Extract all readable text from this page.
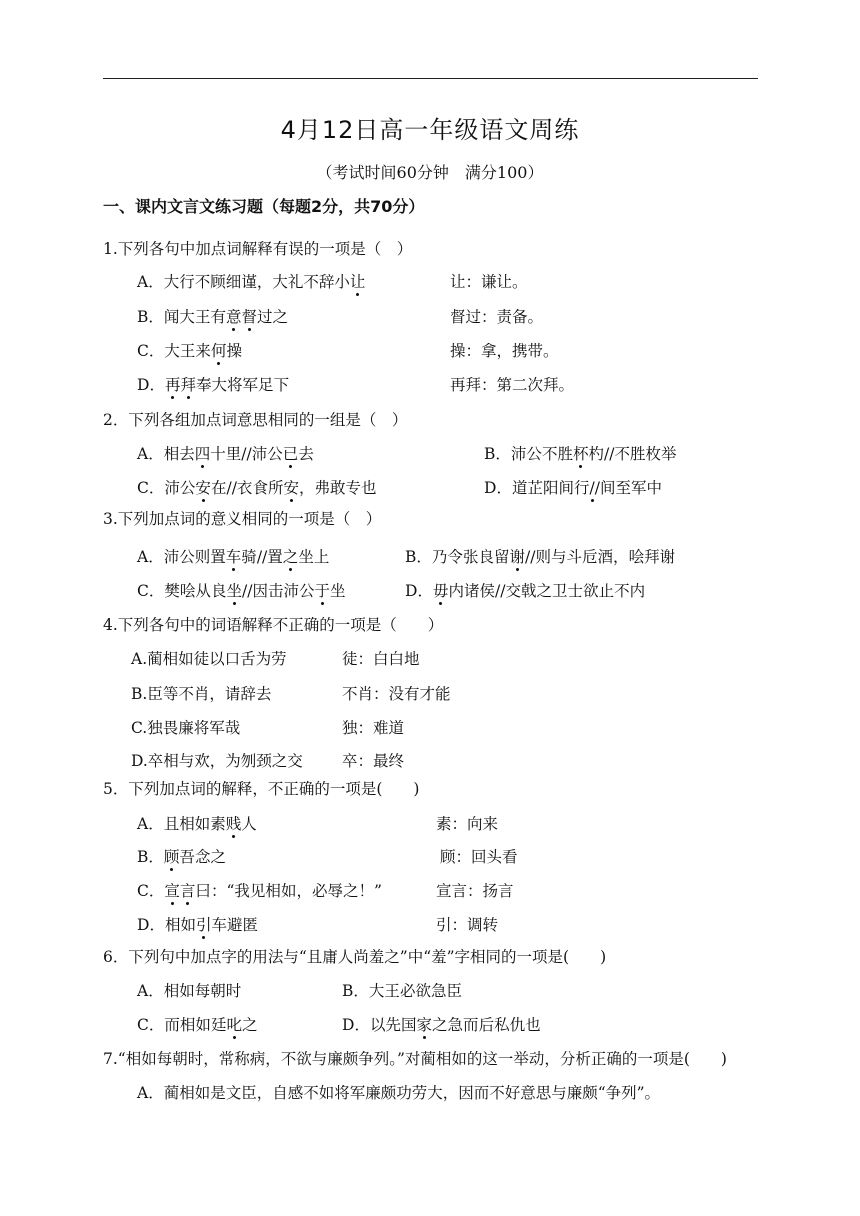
4月12日高一年级语文周练
（考试时间60分钟　满分100）
一、课内文言文练习题（每题2分，共70分）
1.下列各句中加点词解释有误的一项是（　）
A．大行不顾细谨，大礼不辞小让	让：谦让。
B．闻大王有意督过之	督过：责备。
C．大王来何操	操：拿，携带。
D．再拜奉大将军足下	再拜：第二次拜。
2．下列各组加点词意思相同的一组是（　）
A．相去四十里//沛公已去	B．沛公不胜杯杓//不胜枚举
C．沛公安在//衣食所安，弗敢专也	D．道芷阳间行//间至军中
3.下列加点词的意义相同的一项是（　）
A．沛公则置车骑//置之坐上	B．乃令张良留谢//则与斗卮酒，哙拜谢
C．樊哙从良坐//因击沛公于坐	D．毋内诸侯//交戟之卫士欲止不内
4.下列各句中的词语解释不正确的一项是（　　）
A.蔺相如徒以口舌为劳	徒：白白地
B.臣等不肖，请辞去	不肖：没有才能
C.独畏廉将军哉	独：难道
D.卒相与欢，为刎颈之交	卒：最终
5．下列加点词的解释，不正确的一项是(　　)
A．且相如素贱人	素：向来
B．顾吾念之	顾：回头看
C．宣言曰：“我见相如，必辱之！”	宣言：扬言
D．相如引车避匿	引：调转
6．下列句中加点字的用法与“且庸人尚羞之”中“羞”字相同的一项是(　　)
A．相如每朝时	B．大王必欲急臣
C．而相如廷叱之	D．以先国家之急而后私仇也
7.“相如每朝时，常称病，不欲与廉颇争列。”对蔺相如的这一举动，分析正确的一项是(　　)
A．蔺相如是文臣，自感不如将军廉颇功劳大，因而不好意思与廉颇“争列”。
